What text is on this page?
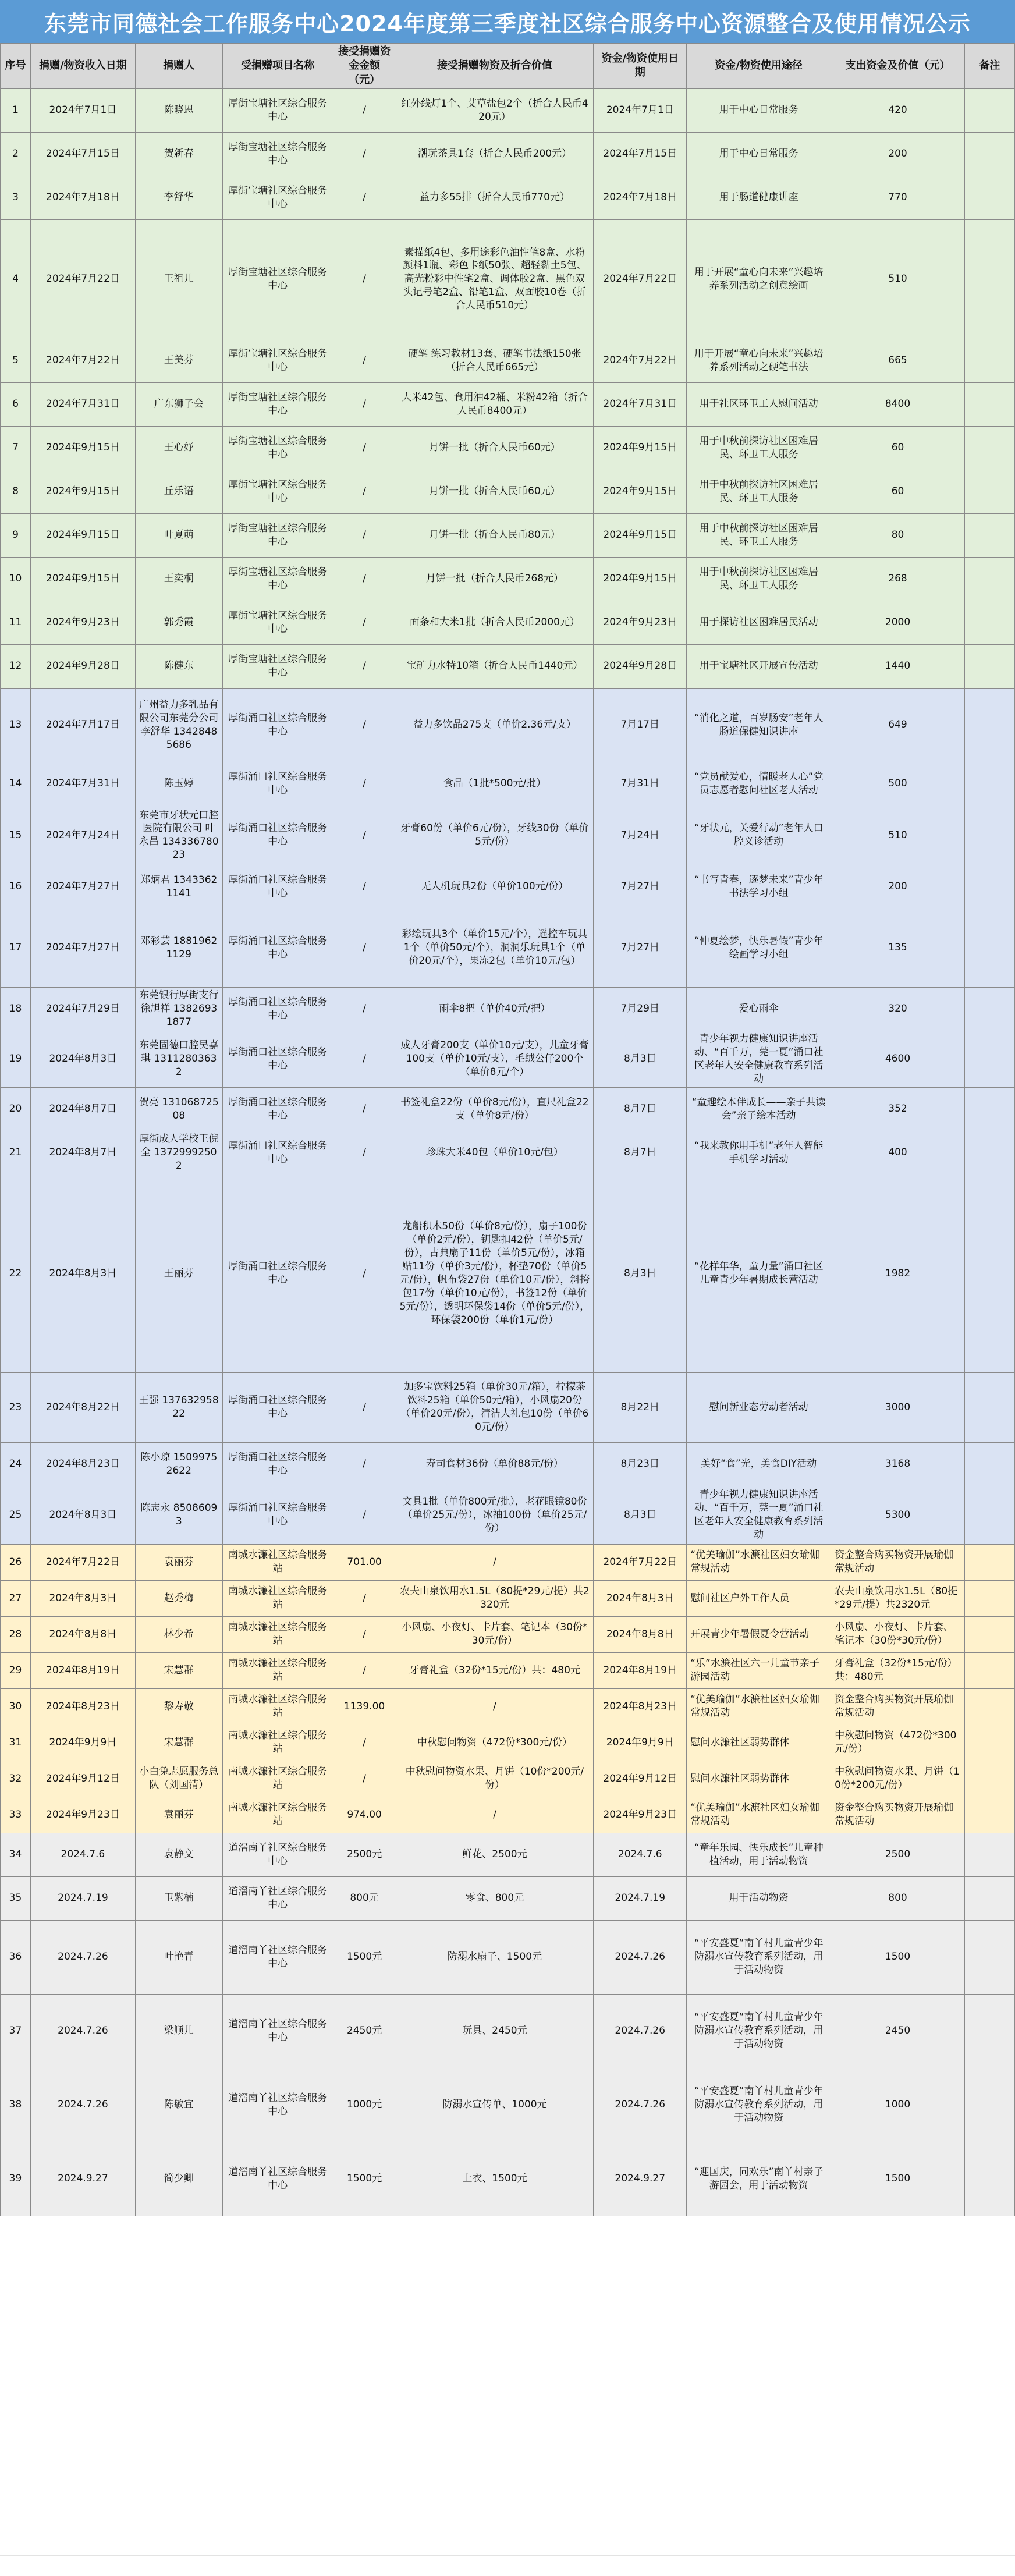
东莞市同德社会工作服务中心2024年度第三季度社区综合服务中心资源整合及使用情况公示
序号	捐赠/物资收入日期	捐赠人	受捐赠项目名称	接受捐赠资金金额（元）	接受捐赠物资及折合价值	资金/物资使用日期	资金/物资使用途径	支出资金及价值（元）	备注
1	2024年7月1日	陈晓恩	厚街宝塘社区综合服务中心	/	红外线灯1个、艾草盐包2个（折合人民币420元）	2024年7月1日	用于中心日常服务	420	
2	2024年7月15日	贺新春	厚街宝塘社区综合服务中心	/	潮玩茶具1套（折合人民币200元）	2024年7月15日	用于中心日常服务	200	
3	2024年7月18日	李舒华	厚街宝塘社区综合服务中心	/	益力多55排（折合人民币770元）	2024年7月18日	用于肠道健康讲座	770	
4	2024年7月22日	王祖儿	厚街宝塘社区综合服务中心	/	素描纸4包、多用途彩色油性笔8盒、水粉颜料1瓶、彩色卡纸50张、超轻黏土5包、高光粉彩中性笔2盒、调体胶2盒、黑色双头记号笔2盒、铅笔1盒、双面胶10卷（折合人民币510元）	2024年7月22日	用于开展“童心向未来”兴趣培养系列活动之创意绘画	510	
5	2024年7月22日	王美芬	厚街宝塘社区综合服务中心	/	硬笔 练习教材13套、硬笔书法纸150张（折合人民币665元）	2024年7月22日	用于开展“童心向未来”兴趣培养系列活动之硬笔书法	665	
6	2024年7月31日	广东狮子会	厚街宝塘社区综合服务中心	/	大米42包、食用油42桶、米粉42箱（折合人民币8400元）	2024年7月31日	用于社区环卫工人慰问活动	8400	
7	2024年9月15日	王心妤	厚街宝塘社区综合服务中心	/	月饼一批（折合人民币60元）	2024年9月15日	用于中秋前探访社区困难居民、环卫工人服务	60	
8	2024年9月15日	丘乐语	厚街宝塘社区综合服务中心	/	月饼一批（折合人民币60元）	2024年9月15日	用于中秋前探访社区困难居民、环卫工人服务	60	
9	2024年9月15日	叶夏萌	厚街宝塘社区综合服务中心	/	月饼一批（折合人民币80元）	2024年9月15日	用于中秋前探访社区困难居民、环卫工人服务	80	
10	2024年9月15日	王奕桐	厚街宝塘社区综合服务中心	/	月饼一批（折合人民币268元）	2024年9月15日	用于中秋前探访社区困难居民、环卫工人服务	268	
11	2024年9月23日	郭秀霞	厚街宝塘社区综合服务中心	/	面条和大米1批（折合人民币2000元）	2024年9月23日	用于探访社区困难居民活动	2000	
12	2024年9月28日	陈健东	厚街宝塘社区综合服务中心	/	宝矿力水特10箱（折合人民币1440元）	2024年9月28日	用于宝塘社区开展宣传活动	1440	
13	2024年7月17日	广州益力多乳品有限公司东莞分公司 李舒华 13428485686	厚街涌口社区综合服务中心	/	益力多饮品275支（单价2.36元/支）	7月17日	“消化之道，百岁肠安”老年人肠道保健知识讲座	649	
14	2024年7月31日	陈玉婷	厚街涌口社区综合服务中心	/	食品（1批*500元/批）	7月31日	“党员献爱心，情暖老人心”党员志愿者慰问社区老人活动	500	
15	2024年7月24日	东莞市牙状元口腔医院有限公司 叶永昌 13433678023	厚街涌口社区综合服务中心	/	牙膏60份（单价6元/份），牙线30份（单价5元/份）	7月24日	“牙状元，关爱行动”老年人口腔义诊活动	510	
16	2024年7月27日	郑炳君 13433621141	厚街涌口社区综合服务中心	/	无人机玩具2份（单价100元/份）	7月27日	“书写青春，逐梦未来”青少年书法学习小组	200	
17	2024年7月27日	邓彩芸 18819621129	厚街涌口社区综合服务中心	/	彩绘玩具3个（单价15元/个），遥控车玩具1个（单价50元/个），洞洞乐玩具1个（单价20元/个），果冻2包（单价10元/包）	7月27日	“仲夏绘梦，快乐暑假”青少年绘画学习小组	135	
18	2024年7月29日	东莞银行厚街支行徐旭祥 13826931877	厚街涌口社区综合服务中心	/	雨伞8把（单价40元/把）	7月29日	爱心雨伞	320	
19	2024年8月3日	东莞固德口腔吴嘉琪 13112803632	厚街涌口社区综合服务中心	/	成人牙膏200支（单价10元/支），儿童牙膏100支（单价10元/支），毛绒公仔200个（单价8元/个）	8月3日	青少年视力健康知识讲座活动、“百千万，莞一夏”涌口社区老年人安全健康教育系列活动	4600	
20	2024年8月7日	贺亮 13106872508	厚街涌口社区综合服务中心	/	书签礼盒22份（单价8元/份），直尺礼盒22支（单价8元/份）	8月7日	“童趣绘本伴成长——亲子共读会”亲子绘本活动	352	
21	2024年8月7日	厚街成人学校王倪全 13729992502	厚街涌口社区综合服务中心	/	珍珠大米40包（单价10元/包）	8月7日	“我来教你用手机”老年人智能手机学习活动	400	
22	2024年8月3日	王丽芬	厚街涌口社区综合服务中心	/	龙船积木50份（单价8元/份），扇子100份（单价2元/份），钥匙扣42份（单价5元/份），古典扇子11份（单价5元/份），冰箱贴11份（单价3元/份），杯垫70份（单价5元/份），帆布袋27份（单价10元/份），斜挎包17份（单价10元/份），书签12份（单价5元/份），透明环保袋14份（单价5元/份），环保袋200份（单价1元/份）	8月3日	“花样年华，童力量”涌口社区儿童青少年暑期成长营活动	1982	
23	2024年8月22日	王强 13763295822	厚街涌口社区综合服务中心	/	加多宝饮料25箱（单价30元/箱），柠檬茶饮料25箱（单价50元/箱），小风扇20份（单价20元/份），清洁大礼包10份（单价60元/份）	8月22日	慰问新业态劳动者活动	3000	
24	2024年8月23日	陈小琼 15099752622	厚街涌口社区综合服务中心	/	寿司食材36份（单价88元/份）	8月23日	美好“食”光，美食DIY活动	3168	
25	2024年8月3日	陈志永 85086093	厚街涌口社区综合服务中心	/	文具1批（单价800元/批），老花眼镜80份（单价25元/份），冰袖100份（单价25元/份）	8月3日	青少年视力健康知识讲座活动、“百千万，莞一夏”涌口社区老年人安全健康教育系列活动	5300	
26	2024年7月22日	袁丽芬	南城水濂社区综合服务站	701.00	/	2024年7月22日	“优美瑜伽”水濂社区妇女瑜伽常规活动	资金整合购买物资开展瑜伽常规活动	
27	2024年8月3日	赵秀梅	南城水濂社区综合服务站	/	农夫山泉饮用水1.5L（80提*29元/提）共2320元	2024年8月3日	慰问社区户外工作人员	农夫山泉饮用水1.5L（80提*29元/提）共2320元	
28	2024年8月8日	林少希	南城水濂社区综合服务站	/	小风扇、小夜灯、卡片套、笔记本（30份*30元/份）	2024年8月8日	开展青少年暑假夏令营活动	小风扇、小夜灯、卡片套、笔记本（30份*30元/份）	
29	2024年8月19日	宋慧群	南城水濂社区综合服务站	/	牙膏礼盒（32份*15元/份）共：480元	2024年8月19日	“乐”水濂社区六一儿童节亲子游园活动	牙膏礼盒（32份*15元/份）共：480元	
30	2024年8月23日	黎寿敬	南城水濂社区综合服务站	1139.00	/	2024年8月23日	“优美瑜伽”水濂社区妇女瑜伽常规活动	资金整合购买物资开展瑜伽常规活动	
31	2024年9月9日	宋慧群	南城水濂社区综合服务站	/	中秋慰问物资（472份*300元/份）	2024年9月9日	慰问水濂社区弱势群体	中秋慰问物资（472份*300元/份）	
32	2024年9月12日	小白兔志愿服务总队（刘国清）	南城水濂社区综合服务站	/	中秋慰问物资水果、月饼（10份*200元/份）	2024年9月12日	慰问水濂社区弱势群体	中秋慰问物资水果、月饼（10份*200元/份）	
33	2024年9月23日	袁丽芬	南城水濂社区综合服务站	974.00	/	2024年9月23日	“优美瑜伽”水濂社区妇女瑜伽常规活动	资金整合购买物资开展瑜伽常规活动	
34	2024.7.6	袁静文	道滘南丫社区综合服务中心	2500元	鲜花、2500元	2024.7.6	“童年乐园、快乐成长”儿童种植活动，用于活动物资	2500	
35	2024.7.19	卫紫楠	道滘南丫社区综合服务中心	800元	零食、800元	2024.7.19	用于活动物资	800	
36	2024.7.26	叶艳青	道滘南丫社区综合服务中心	1500元	防溺水扇子、1500元	2024.7.26	“平安盛夏”南丫村儿童青少年防溺水宣传教育系列活动，用于活动物资	1500	
37	2024.7.26	梁顺儿	道滘南丫社区综合服务中心	2450元	玩具、2450元	2024.7.26	“平安盛夏”南丫村儿童青少年防溺水宣传教育系列活动，用于活动物资	2450	
38	2024.7.26	陈敏宜	道滘南丫社区综合服务中心	1000元	防溺水宣传单、1000元	2024.7.26	“平安盛夏”南丫村儿童青少年防溺水宣传教育系列活动，用于活动物资	1000	
39	2024.9.27	简少卿	道滘南丫社区综合服务中心	1500元	上衣、1500元	2024.9.27	“迎国庆，同欢乐”南丫村亲子游园会，用于活动物资	1500	
